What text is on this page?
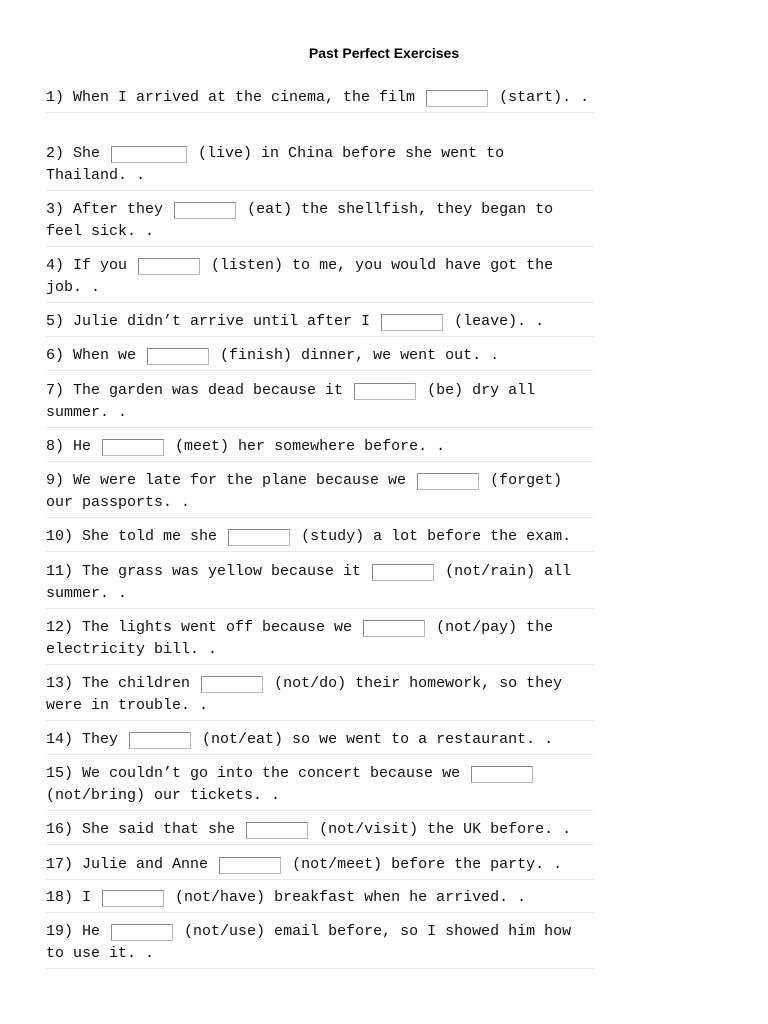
Past Perfect Exercises
1) When I arrived at the cinema, the film	(start). .
2) She	(live) in China before she went to Thailand. .
3) After they	(eat) the shellfish, they began to feel sick. .
4) If you	(listen) to me, you would have got the job. .
5) Julie didn’t arrive until after I	(leave). .
6) When we	(finish) dinner, we went out. .
7) The garden was dead because it	(be) dry all summer. .
8) He	(meet) her somewhere before. .
9) We were late for the plane because we	(forget) our passports. .
10) She told me she	(study) a lot before the exam.
11) The grass was yellow because it	(not/rain) all summer. .
12) The lights went off because we	(not/pay) the electricity bill. .
13) The children	(not/do) their homework, so they were in trouble. .
14) They	(not/eat) so we went to a restaurant. .
15) We couldn’t go into the concert because we  (not/bring) our tickets. .
16) She said that she	(not/visit) the UK before. .
17) Julie and Anne	(not/meet) before the party. .
18) I	(not/have) breakfast when he arrived. .
19) He	(not/use) email before, so I showed him how to use it. .
